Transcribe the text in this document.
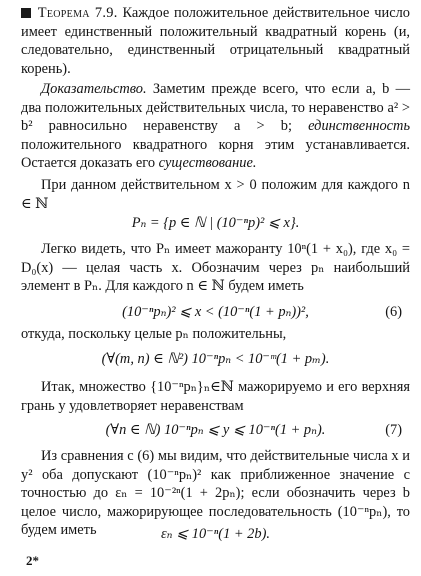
Теорема 7.9. Каждое положительное действительное число имеет единственный положительный квадратный корень (и, следовательно, единственный отрицательный квадратный корень).
Доказательство. Заметим прежде всего, что если a, b — два положительных действительных числа, то неравенство a² > b² равносильно неравенству a > b; единственность положительного квадратного корня этим устанавливается. Остается доказать его существование.
При данном действительном x > 0 положим для каждого n ∈ ℕ
Pₙ = {p ∈ ℕ | (10⁻ⁿp)² ⩽ x}.
Легко видеть, что Pₙ имеет мажоранту 10ⁿ(1 + x₀), где x₀ = D₀(x) — целая часть x. Обозначим через pₙ наибольший элемент в Pₙ. Для каждого n ∈ ℕ будем иметь
(10⁻ⁿpₙ)² ⩽ x < (10⁻ⁿ(1 + pₙ))²,	(6)
откуда, поскольку целые pₙ положительны,
(∀(m, n) ∈ ℕ²) 10⁻ⁿpₙ < 10⁻ᵐ(1 + pₘ).
Итак, множество {10⁻ⁿpₙ}ₙ∈ℕ мажорируемо и его верхняя грань y удовлетворяет неравенствам
(∀n ∈ ℕ) 10⁻ⁿpₙ ⩽ y ⩽ 10⁻ⁿ(1 + pₙ).	(7)
Из сравнения с (6) мы видим, что действительные числа x и y² оба допускают (10⁻ⁿpₙ)² как приближенное значение с точностью до εₙ = 10⁻²ⁿ(1 + 2pₙ); если обозначить через b целое число, мажорирующее последовательность (10⁻ⁿpₙ), то будем иметь	εₙ ⩽ 10⁻ⁿ(1 + 2b).
2*
